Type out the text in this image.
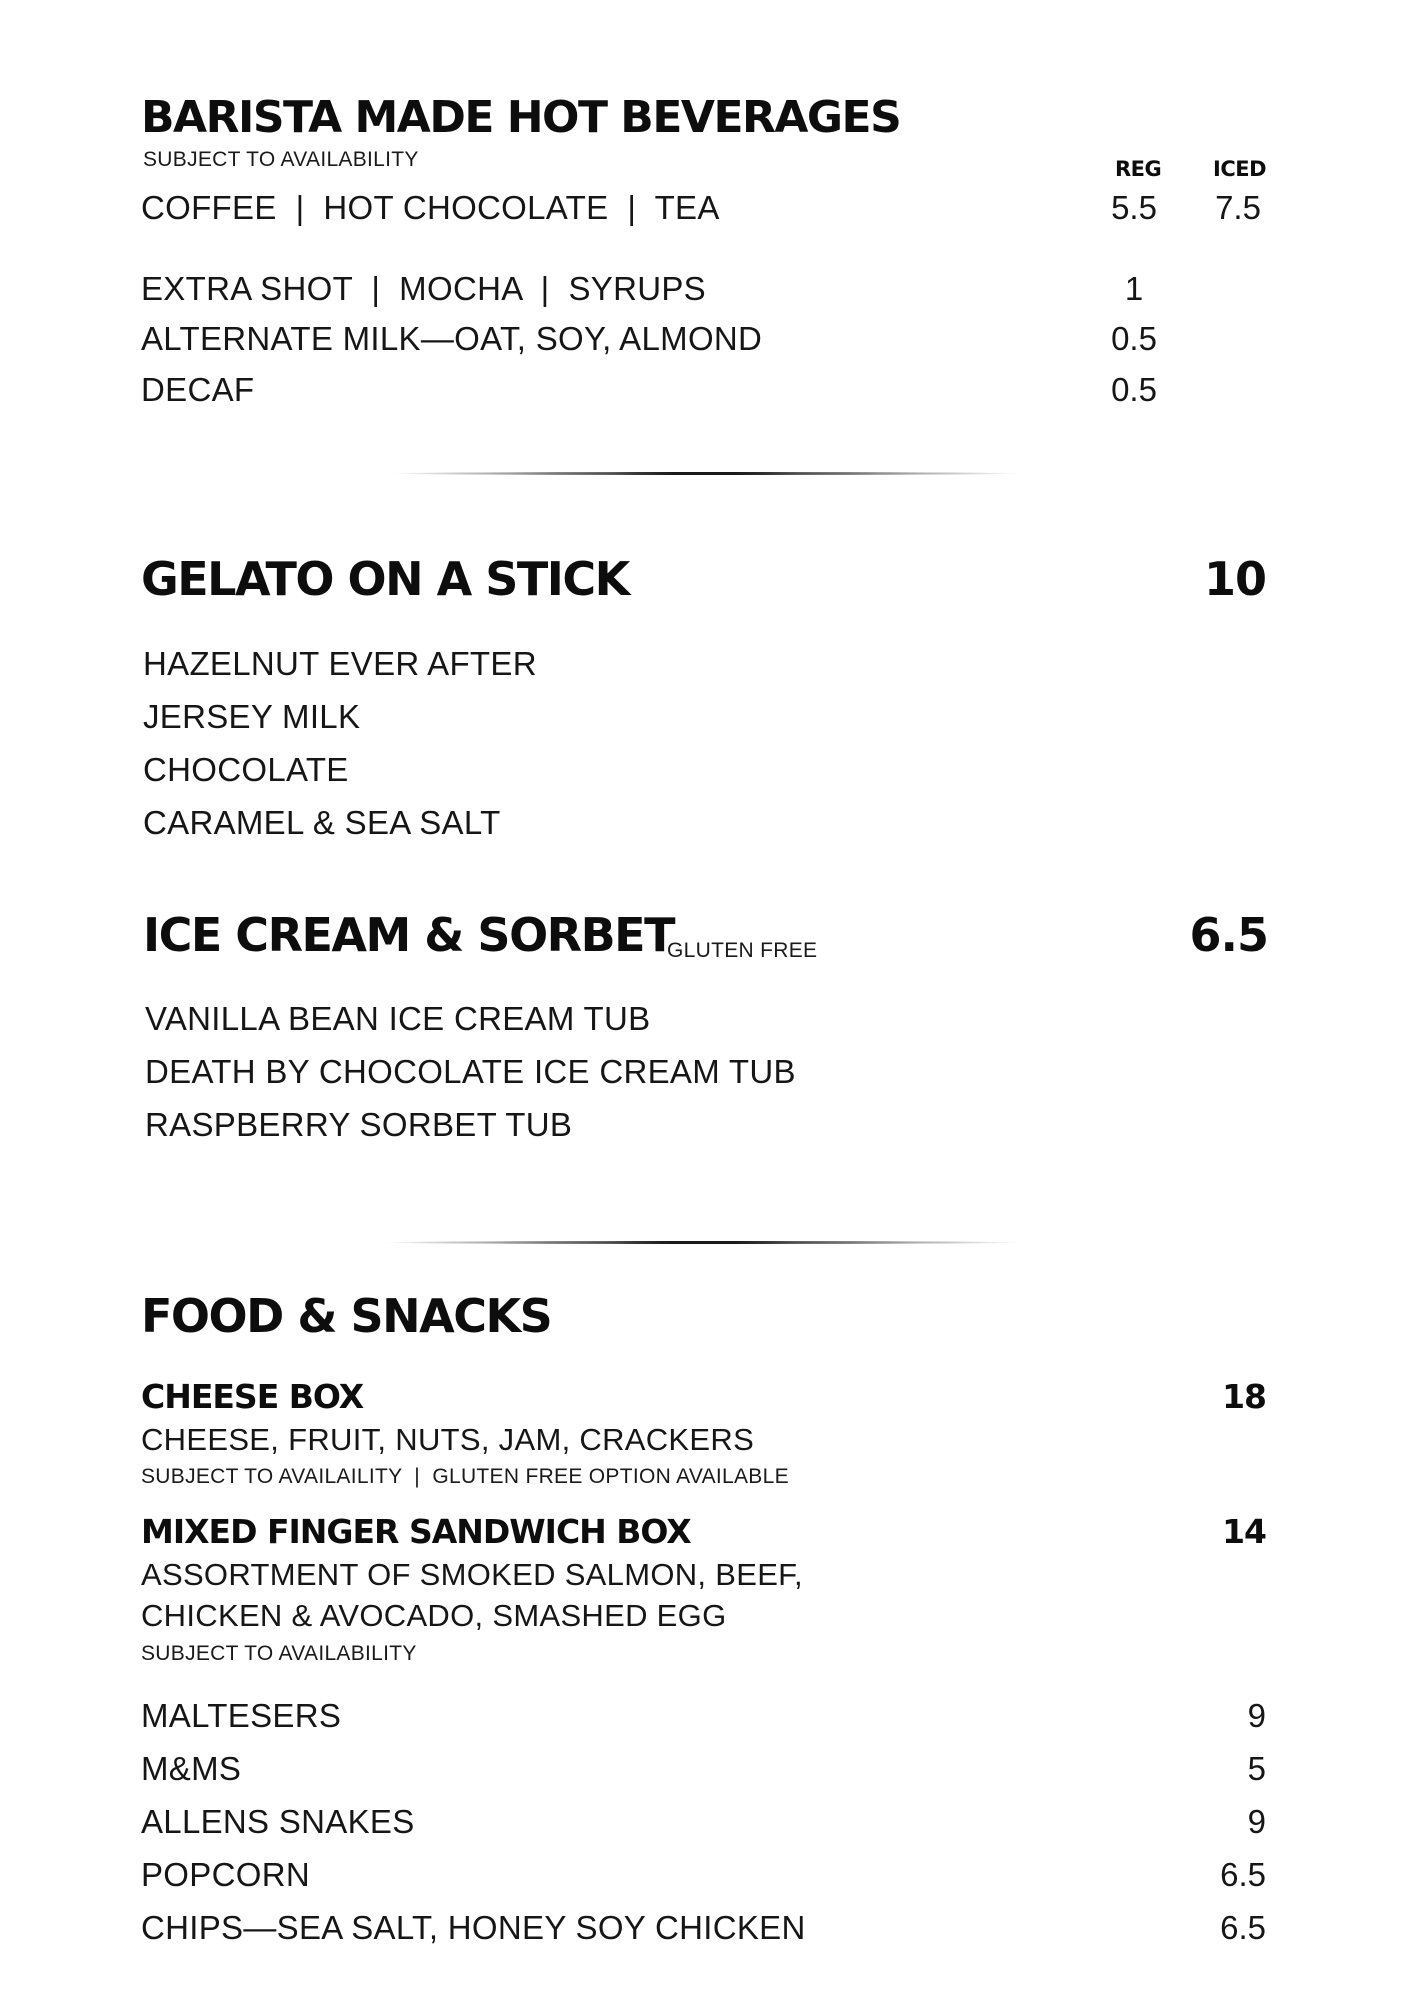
BARISTA MADE HOT BEVERAGES
SUBJECT TO AVAILABILITY	REG ICED
COFFEE  |  HOT CHOCOLATE  |  TEA	5.5	7.5
EXTRA SHOT  |  MOCHA  |  SYRUPS	1
ALTERNATE MILK—OAT, SOY, ALMOND	0.5
DECAF	0.5
GELATO ON A STICK	10
HAZELNUT EVER AFTER
JERSEY MILK
CHOCOLATE
CARAMEL & SEA SALT
ICE CREAM & SORBET
GLUTEN FREE	6.5
VANILLA BEAN ICE CREAM TUB
DEATH BY CHOCOLATE ICE CREAM TUB
RASPBERRY SORBET TUB
FOOD & SNACKS
CHEESE BOX	18
CHEESE, FRUIT, NUTS, JAM, CRACKERS
SUBJECT TO AVAILAILITY  |  GLUTEN FREE OPTION AVAILABLE
MIXED FINGER SANDWICH BOX	14
ASSORTMENT OF SMOKED SALMON, BEEF,
CHICKEN & AVOCADO, SMASHED EGG
SUBJECT TO AVAILABILITY
MALTESERS	9
M&MS	5
ALLENS SNAKES	9
POPCORN	6.5
CHIPS—SEA SALT, HONEY SOY CHICKEN	6.5
